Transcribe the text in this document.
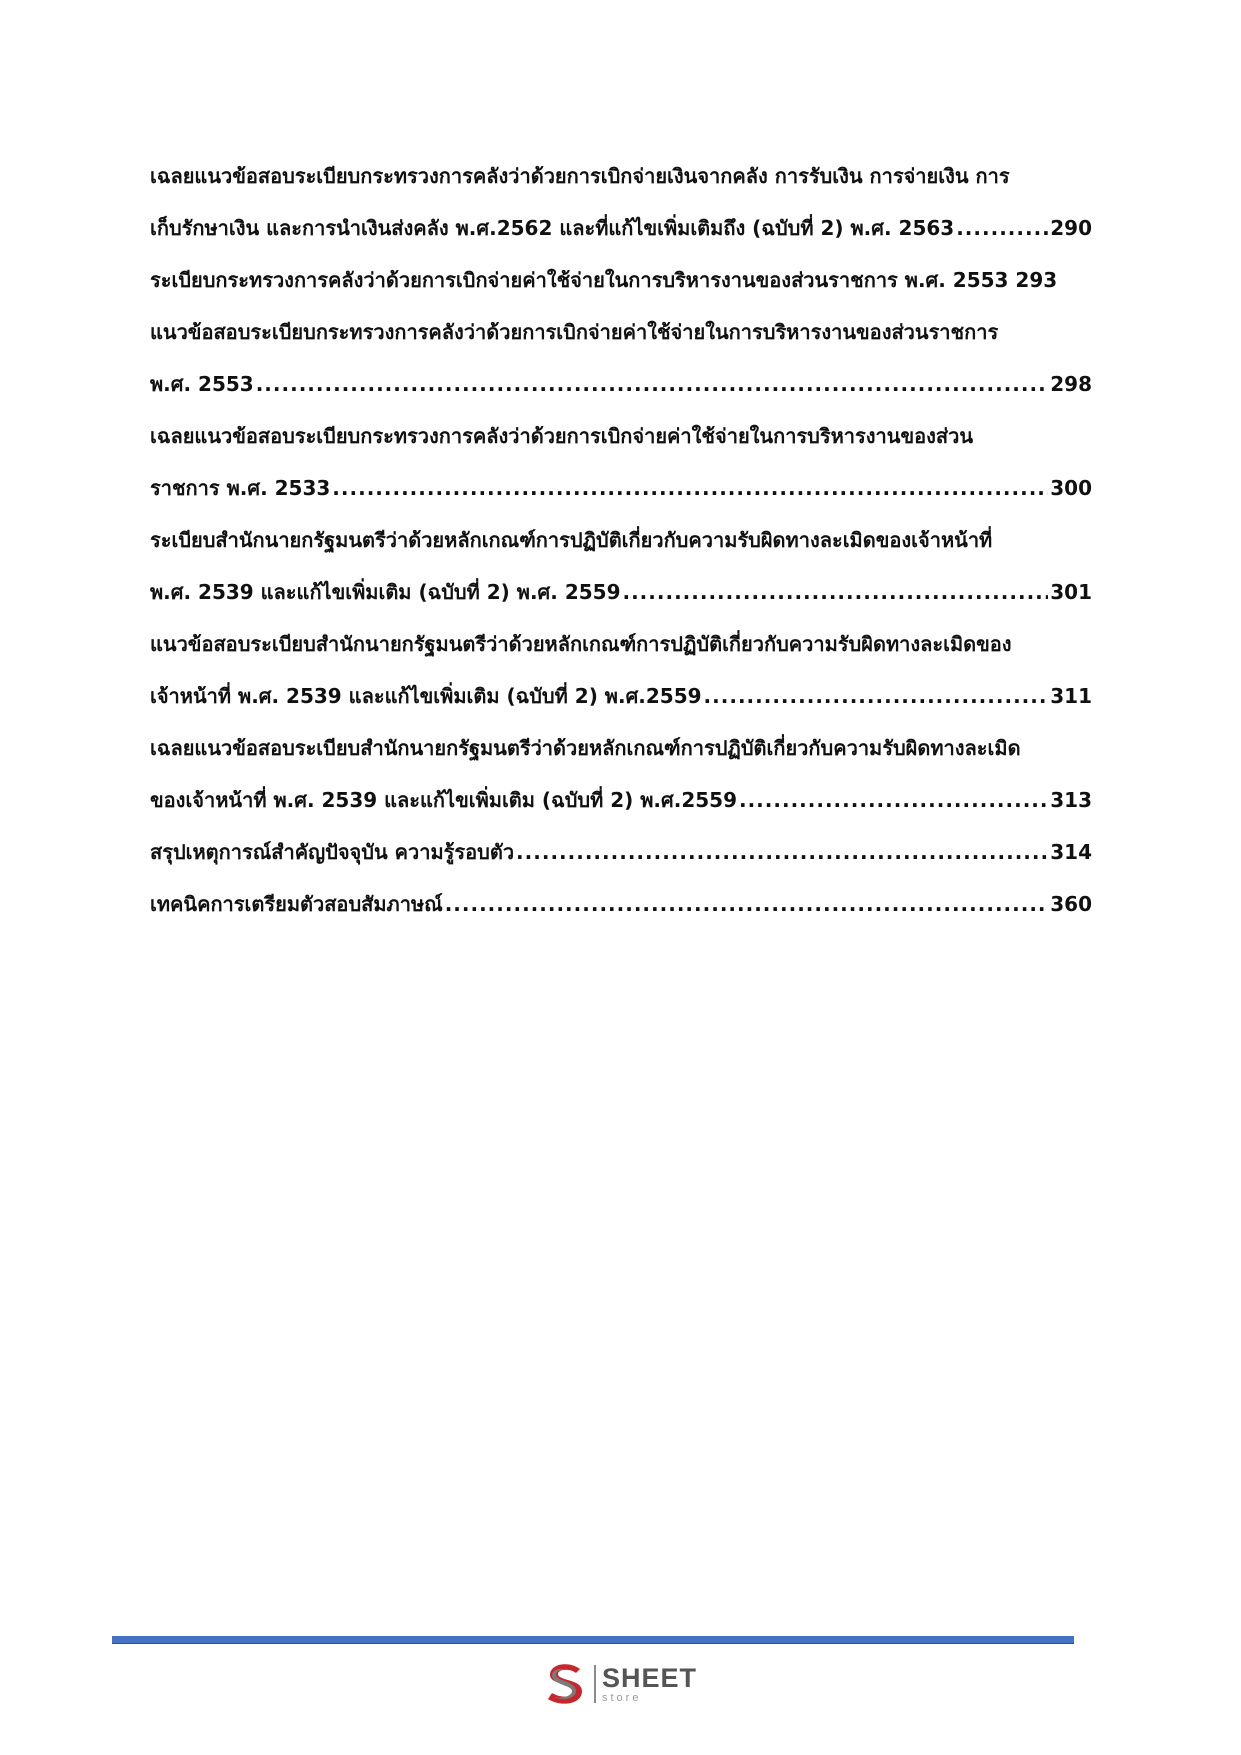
เฉลยแนวข้อสอบระเบียบกระทรวงการคลังว่าด้วยการเบิกจ่ายเงินจากคลัง การรับเงิน การจ่ายเงิน การ
เก็บรักษาเงิน และการนำเงินส่งคลัง พ.ศ.2562 และที่แก้ไขเพิ่มเติมถึง (ฉบับที่ 2) พ.ศ. 2563 .....	290
ระเบียบกระทรวงการคลังว่าด้วยการเบิกจ่ายค่าใช้จ่ายในการบริหารงานของส่วนราชการ พ.ศ. 2553 293
แนวข้อสอบระเบียบกระทรวงการคลังว่าด้วยการเบิกจ่ายค่าใช้จ่ายในการบริหารงานของส่วนราชการ
พ.ศ. 2553 .....	298
เฉลยแนวข้อสอบระเบียบกระทรวงการคลังว่าด้วยการเบิกจ่ายค่าใช้จ่ายในการบริหารงานของส่วน
ราชการ พ.ศ. 2533 .....	300
ระเบียบสำนักนายกรัฐมนตรีว่าด้วยหลักเกณฑ์การปฏิบัติเกี่ยวกับความรับผิดทางละเมิดของเจ้าหน้าที่
พ.ศ. 2539 และแก้ไขเพิ่มเติม (ฉบับที่ 2) พ.ศ. 2559 .....	301
แนวข้อสอบระเบียบสำนักนายกรัฐมนตรีว่าด้วยหลักเกณฑ์การปฏิบัติเกี่ยวกับความรับผิดทางละเมิดของ
เจ้าหน้าที่ พ.ศ. 2539 และแก้ไขเพิ่มเติม (ฉบับที่ 2) พ.ศ.2559 .....	311
เฉลยแนวข้อสอบระเบียบสำนักนายกรัฐมนตรีว่าด้วยหลักเกณฑ์การปฏิบัติเกี่ยวกับความรับผิดทางละเมิด
ของเจ้าหน้าที่ พ.ศ. 2539 และแก้ไขเพิ่มเติม (ฉบับที่ 2) พ.ศ.2559 .....	313
สรุปเหตุการณ์สำคัญปัจจุบัน ความรู้รอบตัว .....	314
เทคนิคการเตรียมตัวสอบสัมภาษณ์ .....	360
SHEET
store
